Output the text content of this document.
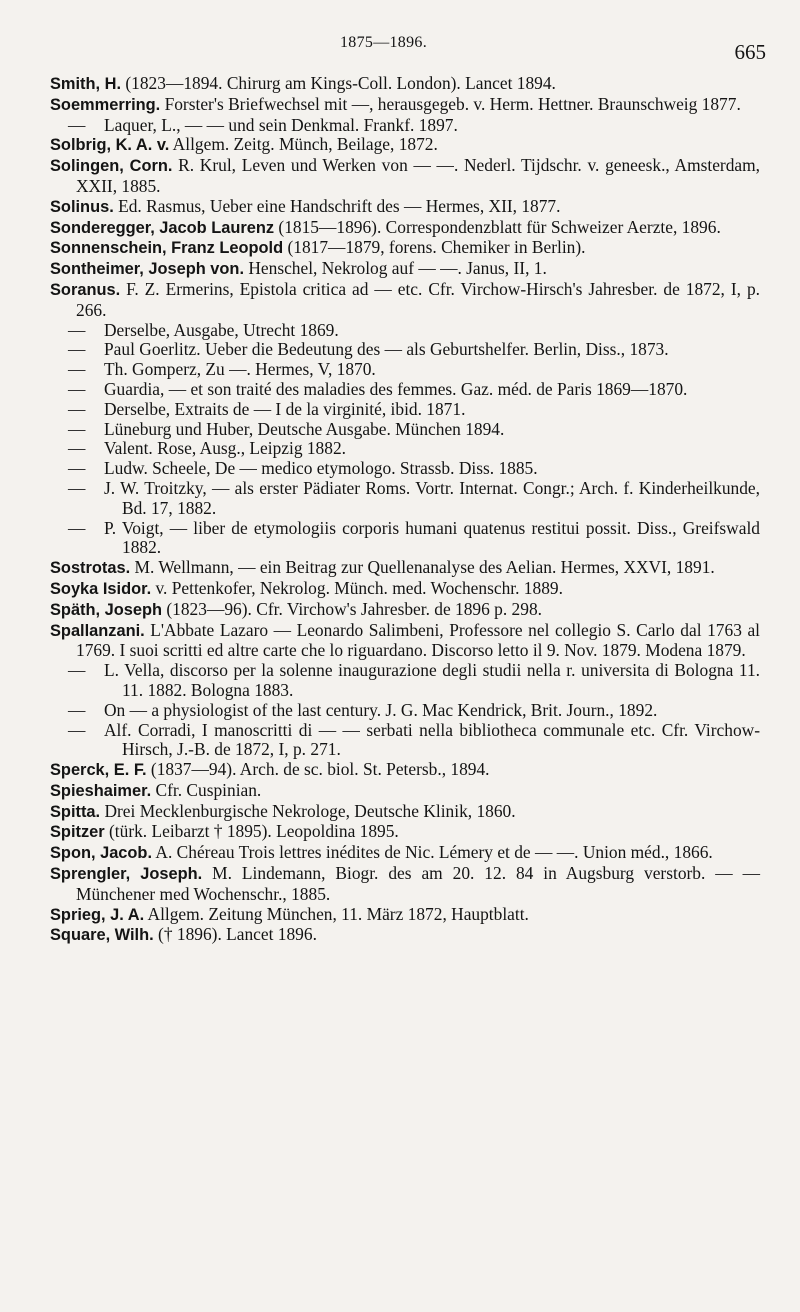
1875—1896.	665

Smith, H. (1823—1894. Chirurg am Kings-Coll. London). Lancet 1894.

Soemmerring. Forster's Briefwechsel mit —, herausgegeb. v. Herm. Hettner. Braunschweig 1877.

— Laquer, L., — — und sein Denkmal. Frankf. 1897.

Solbrig, K. A. v. Allgem. Zeitg. Münch, Beilage, 1872.

Solingen, Corn. R. Krul, Leven und Werken von — —. Nederl. Tijdschr. v. geneesk., Amsterdam, XXII, 1885.

Solinus. Ed. Rasmus, Ueber eine Handschrift des — Hermes, XII, 1877.

Sonderegger, Jacob Laurenz (1815—1896). Correspondenzblatt für Schweizer Aerzte, 1896.

Sonnenschein, Franz Leopold (1817—1879, forens. Chemiker in Berlin).

Sontheimer, Joseph von. Henschel, Nekrolog auf — —. Janus, II, 1.

Soranus. F. Z. Ermerins, Epistola critica ad — etc. Cfr. Virchow-Hirsch's Jahresber. de 1872, I, p. 266.

— Derselbe, Ausgabe, Utrecht 1869.

— Paul Goerlitz. Ueber die Bedeutung des — als Geburtshelfer. Berlin, Diss., 1873.

— Th. Gomperz, Zu —. Hermes, V, 1870.

— Guardia, — et son traité des maladies des femmes. Gaz. méd. de Paris 1869—1870.

— Derselbe, Extraits de — I de la virginité, ibid. 1871.

— Lüneburg und Huber, Deutsche Ausgabe. München 1894.

— Valent. Rose, Ausg., Leipzig 1882.

— Ludw. Scheele, De — medico etymologo. Strassb. Diss. 1885.

— J. W. Troitzky, — als erster Pädiater Roms. Vortr. Internat. Congr.; Arch. f. Kinderheilkunde, Bd. 17, 1882.

— P. Voigt, — liber de etymologiis corporis humani quatenus restitui possit. Diss., Greifswald 1882.

Sostrotas. M. Wellmann, — ein Beitrag zur Quellenanalyse des Aelian. Hermes, XXVI, 1891.

Soyka Isidor. v. Pettenkofer, Nekrolog. Münch. med. Wochenschr. 1889.

Späth, Joseph (1823—96). Cfr. Virchow's Jahresber. de 1896 p. 298.

Spallanzani. L'Abbate Lazaro — Leonardo Salimbeni, Professore nel collegio S. Carlo dal 1763 al 1769. I suoi scritti ed altre carte che lo riguardano. Discorso letto il 9. Nov. 1879. Modena 1879.

— L. Vella, discorso per la solenne inaugurazione degli studii nella r. universita di Bologna 11. 11. 1882. Bologna 1883.

— On — a physiologist of the last century. J. G. Mac Kendrick, Brit. Journ., 1892.

— Alf. Corradi, I manoscritti di — — serbati nella bibliotheca communale etc. Cfr. Virchow-Hirsch, J.-B. de 1872, I, p. 271.

Sperck, E. F. (1837—94). Arch. de sc. biol. St. Petersb., 1894.

Spieshaimer. Cfr. Cuspinian.

Spitta. Drei Mecklenburgische Nekrologe, Deutsche Klinik, 1860.

Spitzer (türk. Leibarzt † 1895). Leopoldina 1895.

Spon, Jacob. A. Chéreau Trois lettres inédites de Nic. Lémery et de — —. Union méd., 1866.

Sprengler, Joseph. M. Lindemann, Biogr. des am 20. 12. 84 in Augsburg verstorb. — — Münchener med Wochenschr., 1885.

Sprieg, J. A. Allgem. Zeitung München, 11. März 1872, Hauptblatt.

Square, Wilh. († 1896). Lancet 1896.
